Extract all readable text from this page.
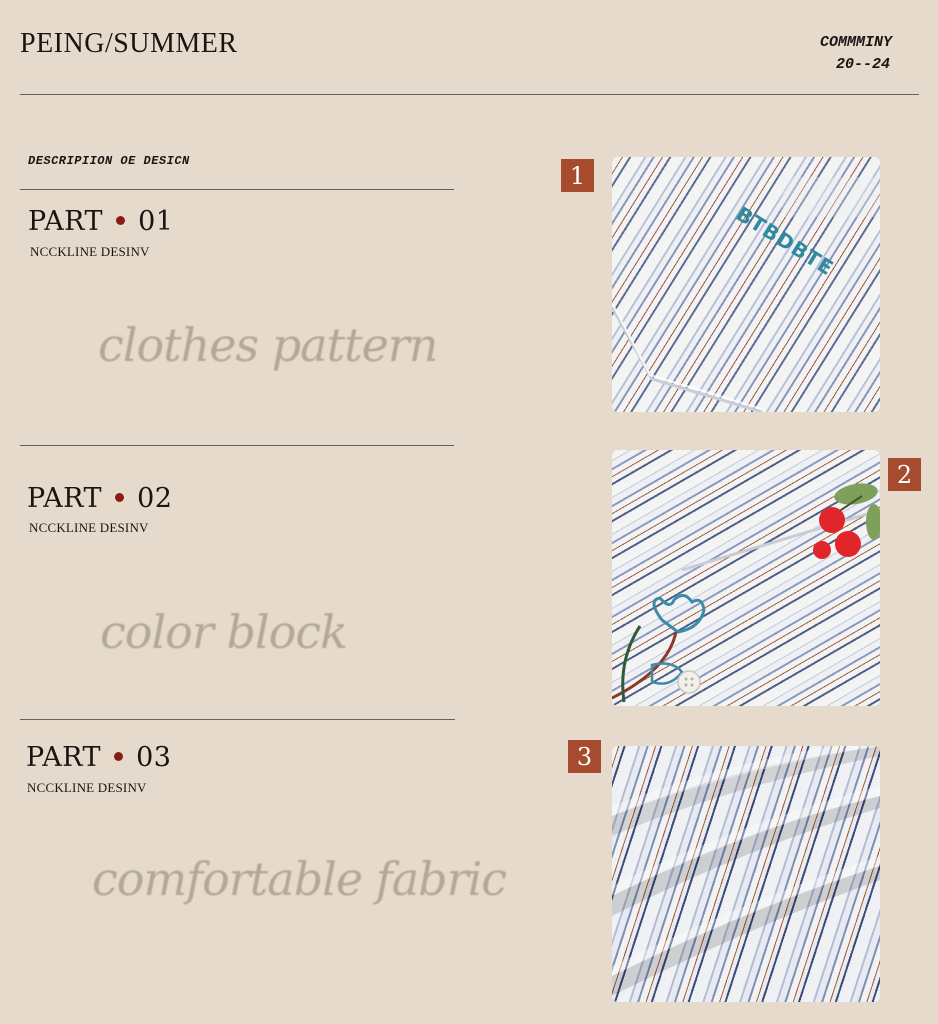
PEING/SUMMER	COMMMINY
20--24
DESCRIPIION OE DESICN
PART 01
NCCKLINE DESINV
clothes pattern
PART 02
NCCKLINE DESINV
color block
PART 03
NCCKLINE DESINV
comfortable fabric
1
BTBDBTE
2
3
